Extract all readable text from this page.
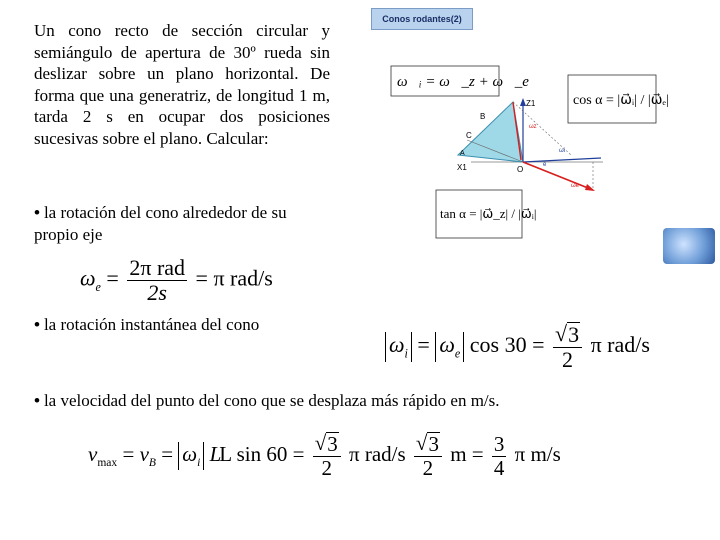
Un cono recto de sección circular y semiángulo de apertura de 30º rueda sin deslizar sobre un plano horizontal. De forma que una generatriz, de longitud 1 m, tarda 2 s en ocupar dos posiciones sucesivas sobre el plano. Calcular:
Conos rodantes(2)
ω⃗ᵢ = ω⃗_z + ω⃗_e
cos α = |ω⃗ᵢ| / |ω⃗ₑ|
tan α = |ω⃗_z| / |ω⃗ᵢ|
Z1
B
C
A
X1	O
ωz
ωi
ωe
e
• la rotación del cono alrededor de su propio eje
$\omega_e = \frac{\text{2π rad}}{2s} = \pi$ rad/s
• la rotación instantánea del cono
$\omega_i = \omega_e$ $\cos 30 = \frac{√ 3}{2}$ π rad/s
• la velocidad del punto del cono que se desplaza más rápido en m/s.
$v_{max} = v_B = \omega_i$ LL $\sin 60 = \frac{√ 3}{2}$ π $rad/s \frac{√ 3}{2}$ $m = \frac{3}{4}$ π m/s
